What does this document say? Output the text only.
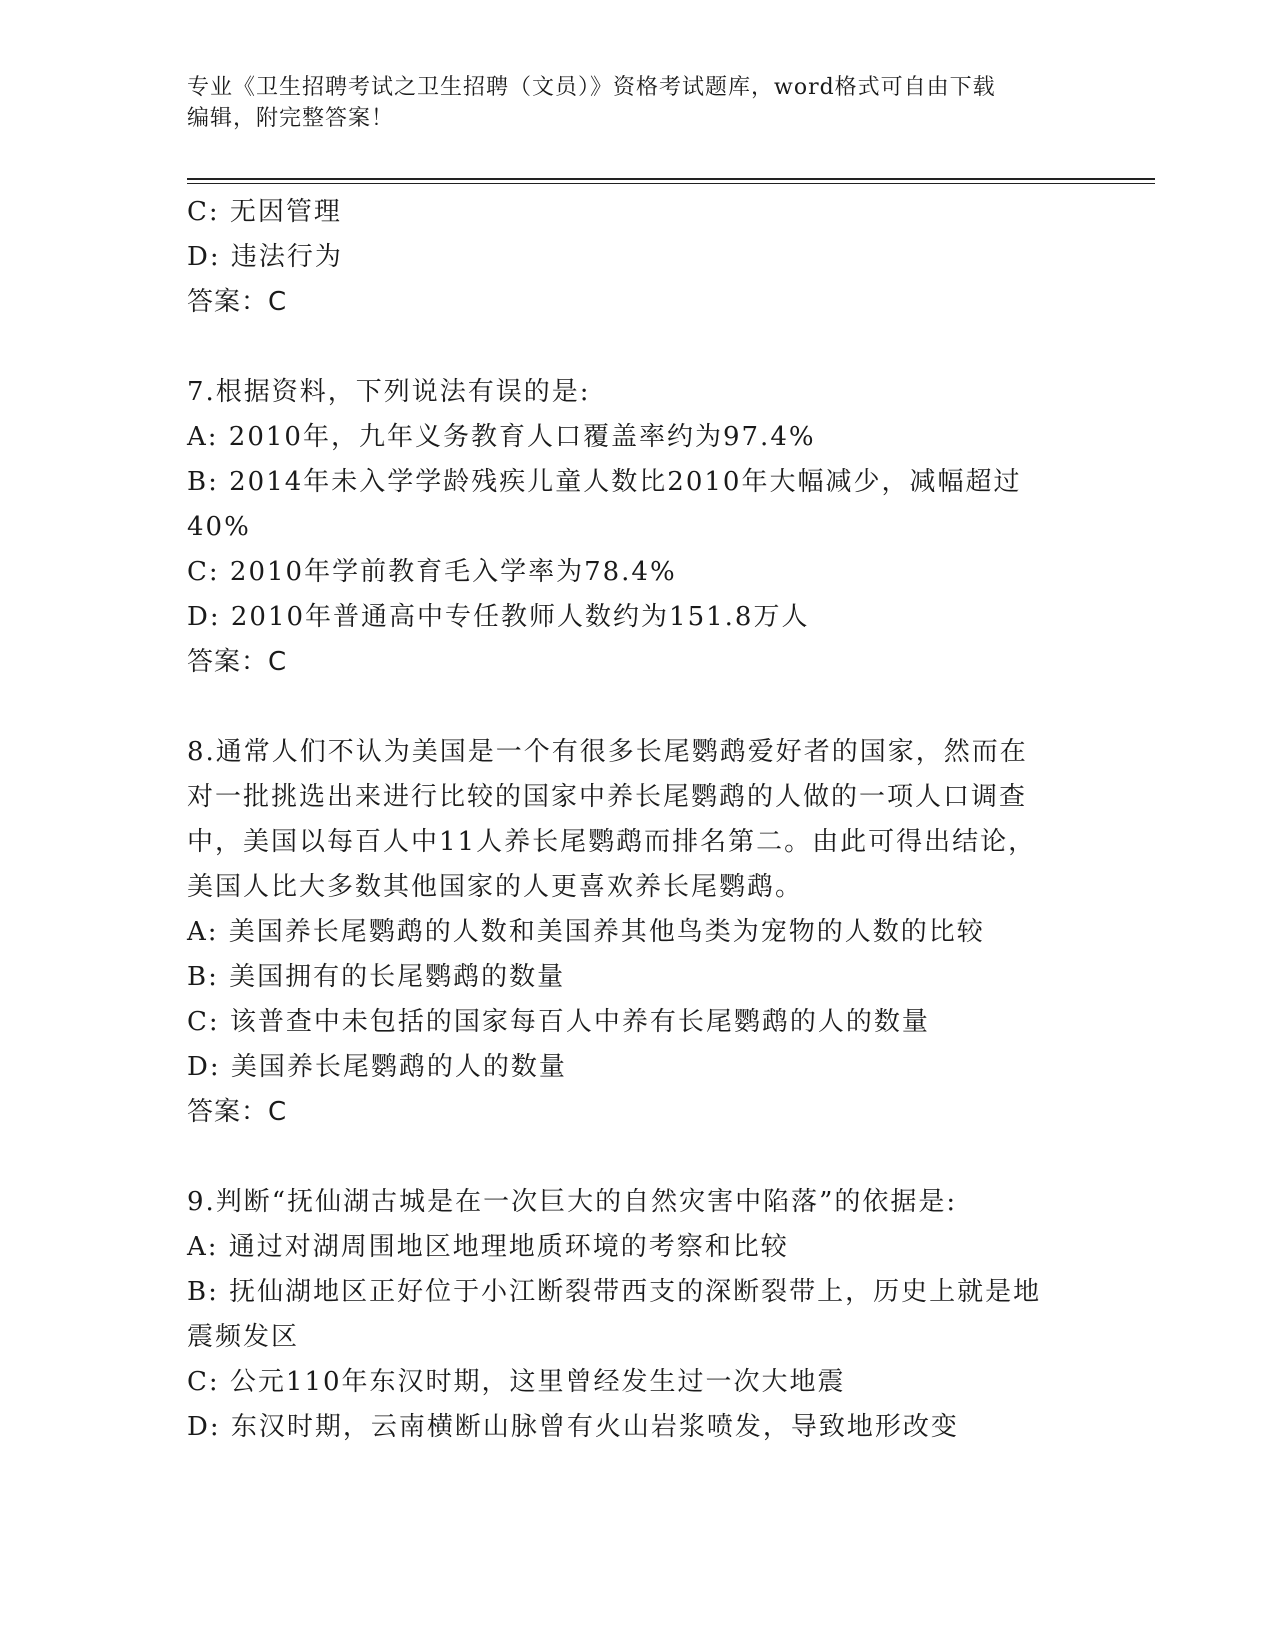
专业《卫生招聘考试之卫生招聘（文员）》资格考试题库，word格式可自由下载
编辑，附完整答案！
C: 无因管理
D: 违法行为
答案：C
7.根据资料，下列说法有误的是:
A: 2010年，九年义务教育人口覆盖率约为97.4%
B: 2014年未入学学龄残疾儿童人数比2010年大幅减少，减幅超过
40%
C: 2010年学前教育毛入学率为78.4%
D: 2010年普通高中专任教师人数约为151.8万人
答案：C
8.通常人们不认为美国是一个有很多长尾鹦鹉爱好者的国家，然而在
对一批挑选出来进行比较的国家中养长尾鹦鹉的人做的一项人口调查
中，美国以每百人中11人养长尾鹦鹉而排名第二。由此可得出结论，
美国人比大多数其他国家的人更喜欢养长尾鹦鹉。
A: 美国养长尾鹦鹉的人数和美国养其他鸟类为宠物的人数的比较
B: 美国拥有的长尾鹦鹉的数量
C: 该普查中未包括的国家每百人中养有长尾鹦鹉的人的数量
D: 美国养长尾鹦鹉的人的数量
答案：C
9.判断“抚仙湖古城是在一次巨大的自然灾害中陷落”的依据是:
A: 通过对湖周围地区地理地质环境的考察和比较
B: 抚仙湖地区正好位于小江断裂带西支的深断裂带上，历史上就是地
震频发区
C: 公元110年东汉时期，这里曾经发生过一次大地震
D: 东汉时期，云南横断山脉曾有火山岩浆喷发，导致地形改变
